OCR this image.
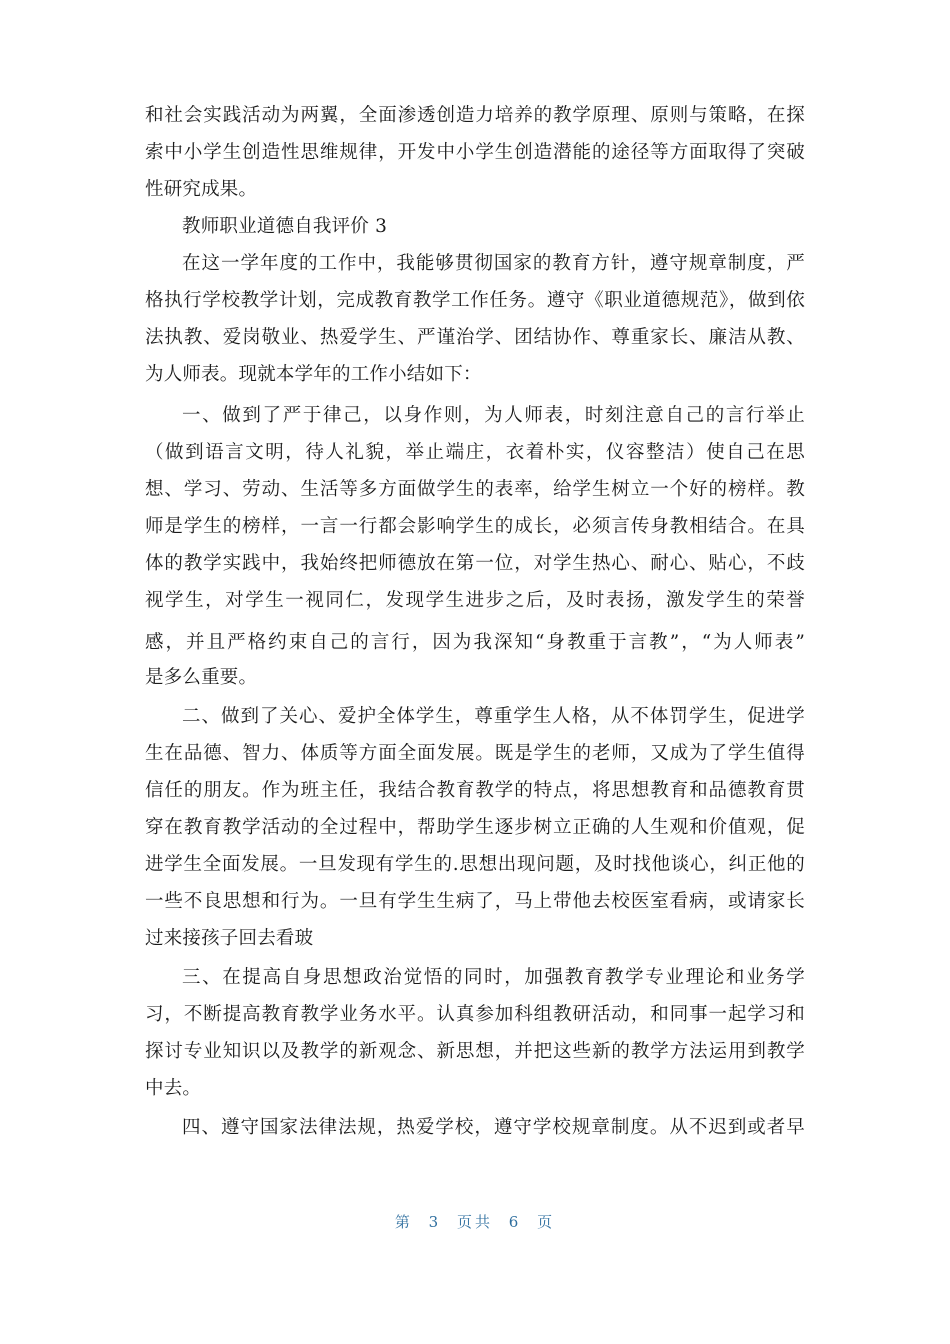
和社会实践活动为两翼，全面渗透创造力培养的教学原理、原则与策略，在探
索中小学生创造性思维规律，开发中小学生创造潜能的途径等方面取得了突破
性研究成果。
教师职业道德自我评价 3
在这一学年度的工作中，我能够贯彻国家的教育方针，遵守规章制度，严
格执行学校教学计划，完成教育教学工作任务。遵守《职业道德规范》，做到依
法执教、爱岗敬业、热爱学生、严谨治学、团结协作、尊重家长、廉洁从教、
为人师表。现就本学年的工作小结如下：
一、做到了严于律己，以身作则，为人师表，时刻注意自己的言行举止
（做到语言文明，待人礼貌，举止端庄，衣着朴实，仪容整洁）使自己在思
想、学习、劳动、生活等多方面做学生的表率，给学生树立一个好的榜样。教
师是学生的榜样，一言一行都会影响学生的成长，必须言传身教相结合。在具
体的教学实践中，我始终把师德放在第一位，对学生热心、耐心、贴心，不歧
视学生，对学生一视同仁，发现学生进步之后，及时表扬，激发学生的荣誉
感，并且严格约束自己的言行，因为我深知“身教重于言教”，“为人师表”
是多么重要。
二、做到了关心、爱护全体学生，尊重学生人格，从不体罚学生，促进学
生在品德、智力、体质等方面全面发展。既是学生的老师，又成为了学生值得
信任的朋友。作为班主任，我结合教育教学的特点，将思想教育和品德教育贯
穿在教育教学活动的全过程中，帮助学生逐步树立正确的人生观和价值观，促
进学生全面发展。一旦发现有学生的.思想出现问题，及时找他谈心，纠正他的
一些不良思想和行为。一旦有学生生病了，马上带他去校医室看病，或请家长
过来接孩子回去看玻
三、在提高自身思想政治觉悟的同时，加强教育教学专业理论和业务学
习，不断提高教育教学业务水平。认真参加科组教研活动，和同事一起学习和
探讨专业知识以及教学的新观念、新思想，并把这些新的教学方法运用到教学
中去。
四、遵守国家法律法规，热爱学校，遵守学校规章制度。从不迟到或者早
第 3 页共 6 页
